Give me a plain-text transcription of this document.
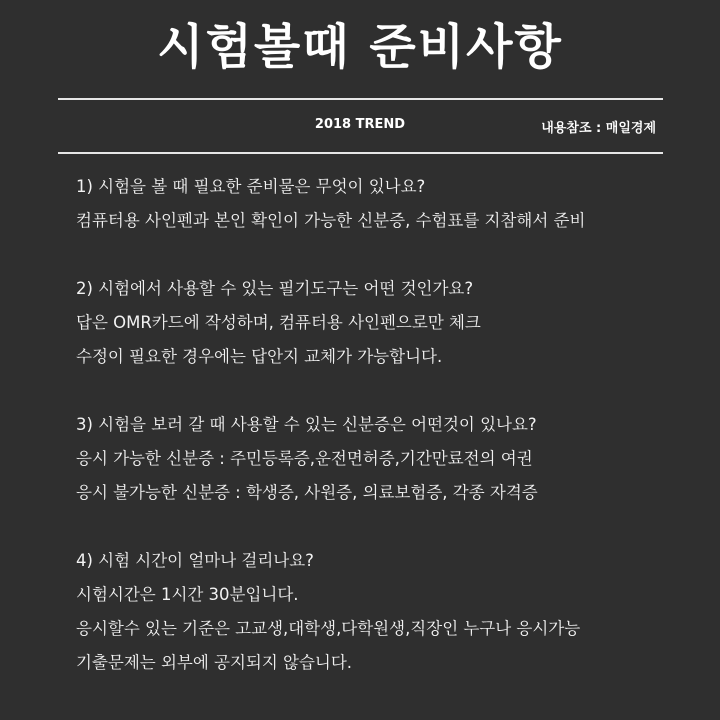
시험볼때 준비사항
2018 TREND	내용참조 : 매일경제
1) 시험을 볼 때 필요한 준비물은 무엇이 있나요?
컴퓨터용 사인펜과 본인 확인이 가능한 신분증, 수험표를 지참해서 준비
2) 시험에서 사용할 수 있는 필기도구는 어떤 것인가요?
답은 OMR카드에 작성하며, 컴퓨터용 사인펜으로만 체크
수정이 필요한 경우에는 답안지 교체가 가능합니다.
3) 시험을 보러 갈 때 사용할 수 있는 신분증은 어떤것이 있나요?
응시 가능한 신분증 : 주민등록증,운전면허증,기간만료전의 여권
응시 불가능한 신분증 : 학생증, 사원증, 의료보험증, 각종 자격증
4) 시험 시간이 얼마나 걸리나요?
시험시간은 1시간 30분입니다.
응시할수 있는 기준은 고교생,대학생,다학원생,직장인 누구나 응시가능
기출문제는 외부에 공지되지 않습니다.
